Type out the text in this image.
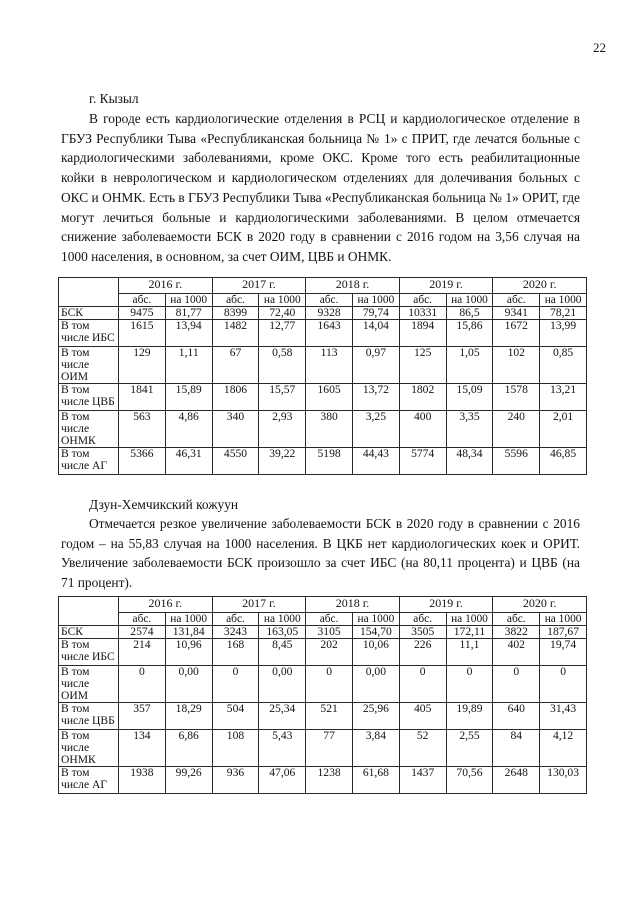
22
г. Кызыл

В городе есть кардиологические отделения в РСЦ и кардиологическое отделение в ГБУЗ Республики Тыва «Республиканская больница № 1» с ПРИТ, где лечатся больные с кардиологическими заболеваниями, кроме ОКС. Кроме того есть реабилитационные койки в неврологическом и кардиологическом отделениях для долечивания больных с ОКС и ОНМК. Есть в ГБУЗ Республики Тыва «Республиканская больница № 1» ОРИТ, где могут лечиться больные и кардиологическими заболеваниями. В целом отмечается снижение заболеваемости БСК в 2020 году в сравнении с 2016 годом на 3,56 случая на 1000 населения, в основном, за счет ОИМ, ЦВБ и ОНМК.

	2016 г.		2017 г.		2018 г.		2019 г.		2020 г.	
	абс.	на 1000	абс.	на 1000	абс.	на 1000	абс.	на 1000	абс.	на 1000
БСК	9475	81,77	8399	72,40	9328	79,74	10331	86,5	9341	78,21
В том числе ИБС	1615	13,94	1482	12,77	1643	14,04	1894	15,86	1672	13,99
В том числе ОИМ	129	1,11	67	0,58	113	0,97	125	1,05	102	0,85
В том числе ЦВБ	1841	15,89	1806	15,57	1605	13,72	1802	15,09	1578	13,21
В том числе ОНМК	563	4,86	340	2,93	380	3,25	400	3,35	240	2,01
В том числе АГ	5366	46,31	4550	39,22	5198	44,43	5774	48,34	5596	46,85
Дзун-Хемчикский кожуун

Отмечается резкое увеличение заболеваемости БСК в 2020 году в сравнении с 2016 годом – на 55,83 случая на 1000 населения. В ЦКБ нет кардиологических коек и ОРИТ. Увеличение заболеваемости БСК произошло за счет ИБС (на 80,11 процента) и ЦВБ (на 71 процент).

	2016 г.		2017 г.		2018 г.		2019 г.		2020 г.	
	абс.	на 1000	абс.	на 1000	абс.	на 1000	абс.	на 1000	абс.	на 1000
БСК	2574	131,84	3243	163,05	3105	154,70	3505	172,11	3822	187,67
В том числе ИБС	214	10,96	168	8,45	202	10,06	226	11,1	402	19,74
В том числе ОИМ	0	0,00	0	0,00	0	0,00	0	0	0	0
В том числе ЦВБ	357	18,29	504	25,34	521	25,96	405	19,89	640	31,43
В том числе ОНМК	134	6,86	108	5,43	77	3,84	52	2,55	84	4,12
В том числе АГ	1938	99,26	936	47,06	1238	61,68	1437	70,56	2648	130,03
